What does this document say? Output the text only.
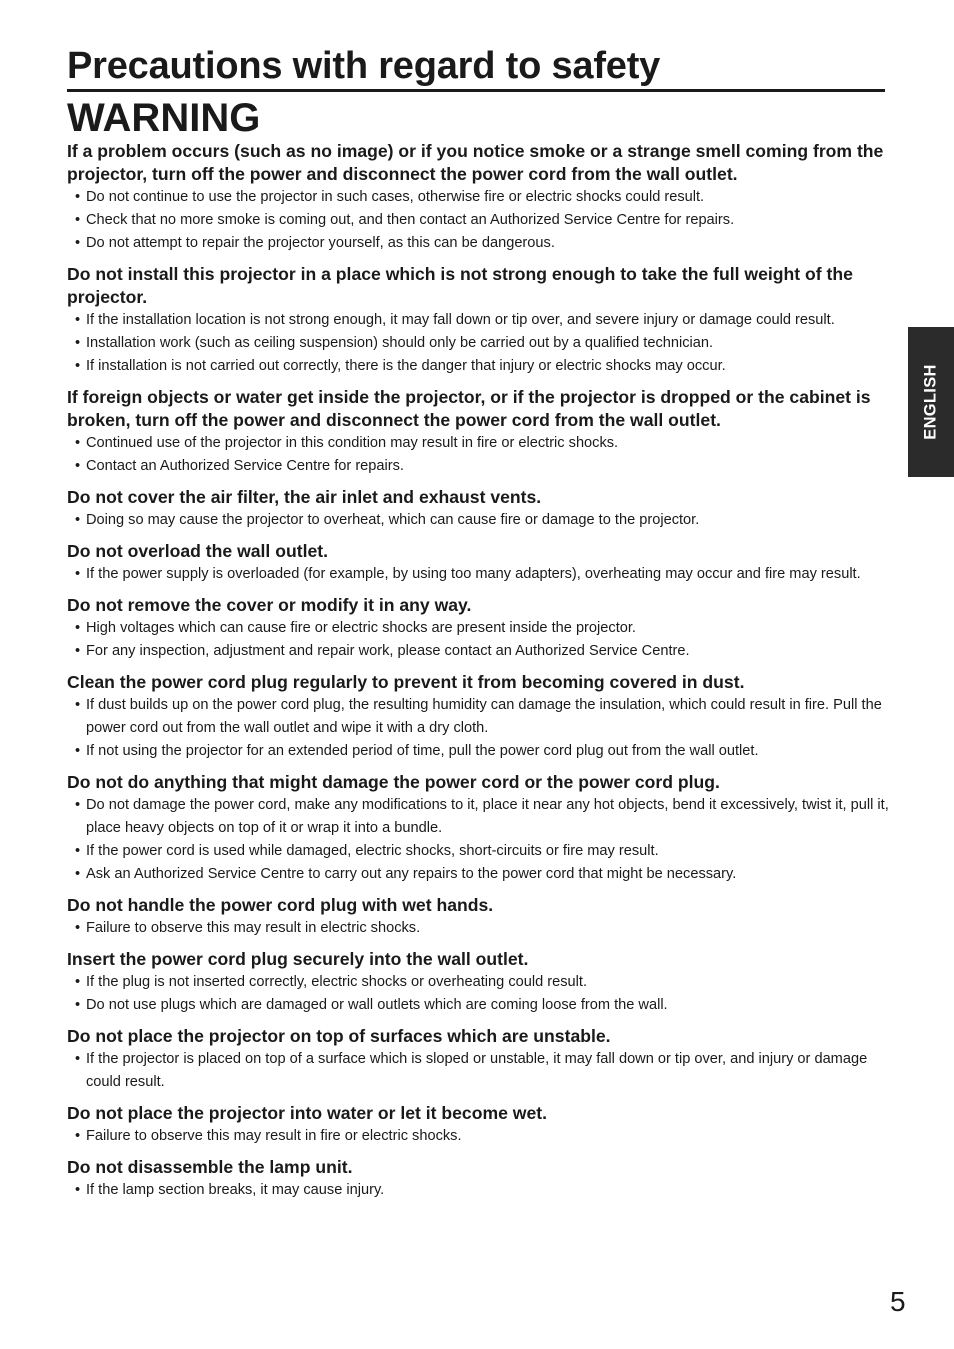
Precautions with regard to safety
WARNING
If a problem occurs (such as no image) or if you notice smoke or a strange smell coming from the projector, turn off the power and disconnect the power cord from the wall outlet.
• Do not continue to use the projector in such cases, otherwise fire or electric shocks could result.
• Check that no more smoke is coming out, and then contact an Authorized Service Centre for repairs.
• Do not attempt to repair the projector yourself, as this can be dangerous.
Do not install this projector in a place which is not strong enough to take the full weight of the projector.
• If the installation location is not strong enough, it may fall down or tip over, and severe injury or damage could result.
• Installation work (such as ceiling suspension) should only be carried out by a qualified technician.
• If installation is not carried out correctly, there is the danger that injury or electric shocks may occur.
If foreign objects or water get inside the projector, or if the projector is dropped or the cabinet is broken, turn off the power and disconnect the power cord from the wall outlet.
• Continued use of the projector in this condition may result in fire or electric shocks.
• Contact an Authorized Service Centre for repairs.
Do not cover the air filter, the air inlet and exhaust vents.
• Doing so may cause the projector to overheat, which can cause fire or damage to the projector.
Do not overload the wall outlet.
• If the power supply is overloaded (for example, by using too many adapters), overheating may occur and fire may result.
Do not remove the cover or modify it in any way.
• High voltages which can cause fire or electric shocks are present inside the projector.
• For any inspection, adjustment and repair work, please contact an Authorized Service Centre.
Clean the power cord plug regularly to prevent it from becoming covered in dust.
• If dust builds up on the power cord plug, the resulting humidity can damage the insulation, which could result in fire. Pull the power cord out from the wall outlet and wipe it with a dry cloth.
• If not using the projector for an extended period of time, pull the power cord plug out from the wall outlet.
Do not do anything that might damage the power cord or the power cord plug.
• Do not damage the power cord, make any modifications to it, place it near any hot objects, bend it excessively, twist it, pull it, place heavy objects on top of it or wrap it into a bundle.
• If the power cord is used while damaged, electric shocks, short-circuits or fire may result.
• Ask an Authorized Service Centre to carry out any repairs to the power cord that might be necessary.
Do not handle the power cord plug with wet hands.
• Failure to observe this may result in electric shocks.
Insert the power cord plug securely into the wall outlet.
• If the plug is not inserted correctly, electric shocks or overheating could result.
• Do not use plugs which are damaged or wall outlets which are coming loose from the wall.
Do not place the projector on top of surfaces which are unstable.
• If the projector is placed on top of a surface which is sloped or unstable, it may fall down or tip over, and injury or damage could result.
Do not place the projector into water or let it become wet.
• Failure to observe this may result in fire or electric shocks.
Do not disassemble the lamp unit.
• If the lamp section breaks, it may cause injury.
ENGLISH
5
